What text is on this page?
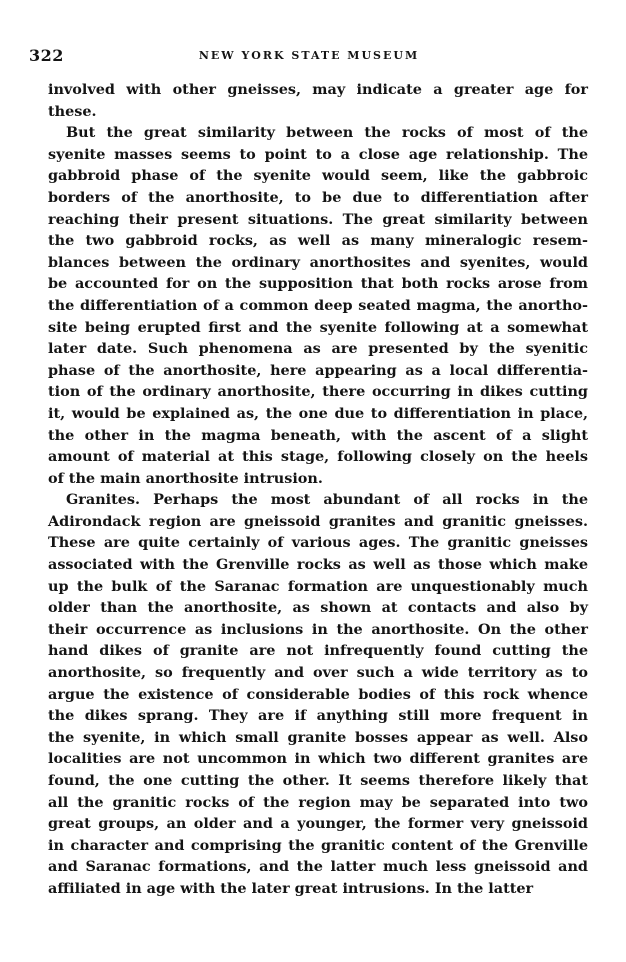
322	NEW YORK STATE MUSEUM
involved with other gneisses, may indicate a greater age for
these.
But the great similarity between the rocks of most of the
syenite masses seems to point to a close age relationship. The
gabbroid phase of the syenite would seem, like the gabbroic
borders of the anorthosite, to be due to differentiation after
reaching their present situations. The great similarity between
the two gabbroid rocks, as well as many mineralogic resem-
blances between the ordinary anorthosites and syenites, would
be accounted for on the supposition that both rocks arose from
the differentiation of a common deep seated magma, the anortho-
site being erupted first and the syenite following at a somewhat
later date. Such phenomena as are presented by the syenitic
phase of the anorthosite, here appearing as a local differentia-
tion of the ordinary anorthosite, there occurring in dikes cutting
it, would be explained as, the one due to differentiation in place,
the other in the magma beneath, with the ascent of a slight
amount of material at this stage, following closely on the heels
of the main anorthosite intrusion.
Granites. Perhaps the most abundant of all rocks in the
Adirondack region are gneissoid granites and granitic gneisses.
These are quite certainly of various ages. The granitic gneisses
associated with the Grenville rocks as well as those which make
up the bulk of the Saranac formation are unquestionably much
older than the anorthosite, as shown at contacts and also by
their occurrence as inclusions in the anorthosite. On the other
hand dikes of granite are not infrequently found cutting the
anorthosite, so frequently and over such a wide territory as to
argue the existence of considerable bodies of this rock whence
the dikes sprang. They are if anything still more frequent in
the syenite, in which small granite bosses appear as well. Also
localities are not uncommon in which two different granites are
found, the one cutting the other. It seems therefore likely that
all the granitic rocks of the region may be separated into two
great groups, an older and a younger, the former very gneissoid
in character and comprising the granitic content of the Grenville
and Saranac formations, and the latter much less gneissoid and
affiliated in age with the later great intrusions. In the latter
